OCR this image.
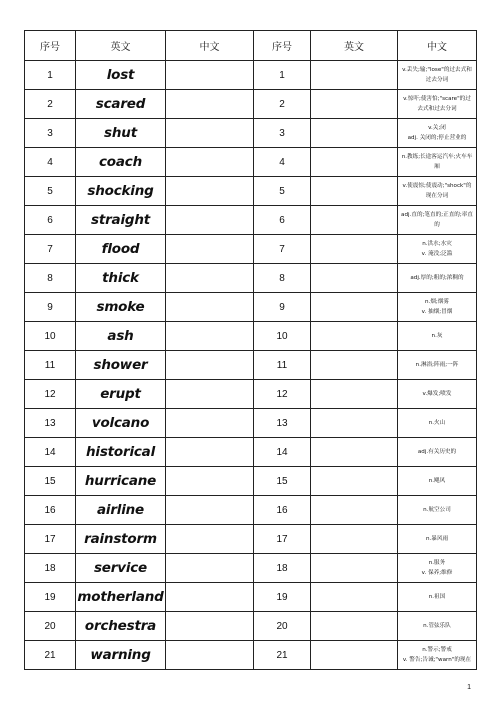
序号	英文	中文	序号	英文	中文
1	lost		1		v.丢失;输;"lose"的过去式和
过去分词

2	scared		2		v.惊吓;使害怕;"scare"的过
去式和过去分词

3	shut		3		v.关;闭
adj. 关闭的;停止营业的

4	coach		4		n.教练;长途客运汽车;火车车
厢

5	shocking		5		v.使震惊;使震动;"shock"的
现在分词

6	straight		6		adj.直的;笔直的;正直的;率直
的

7	flood		7		n.洪水;水灾
v. 淹没;泛滥

8	thick		8		adj.厚的;粗的;浓稠的

9	smoke		9		n.烟;烟雾
v. 抽烟;冒烟

10	ash		10		n.灰

11	shower		11		n.淋浴;阵雨;一阵

12	erupt		12		v.爆发;喷发

13	volcano		13		n.火山

14	historical		14		adj.有关历史的

15	hurricane		15		n.飓风

16	airline		16		n.航空公司

17	rainstorm		17		n.暴风雨

18	service		18		n.服务
v. 保养;维修

19	motherland		19		n.祖国

20	orchestra		20		n.管弦乐队

21	warning		21		n.警示;警戒
v. 警告;告诫;"warn"的现在
1
